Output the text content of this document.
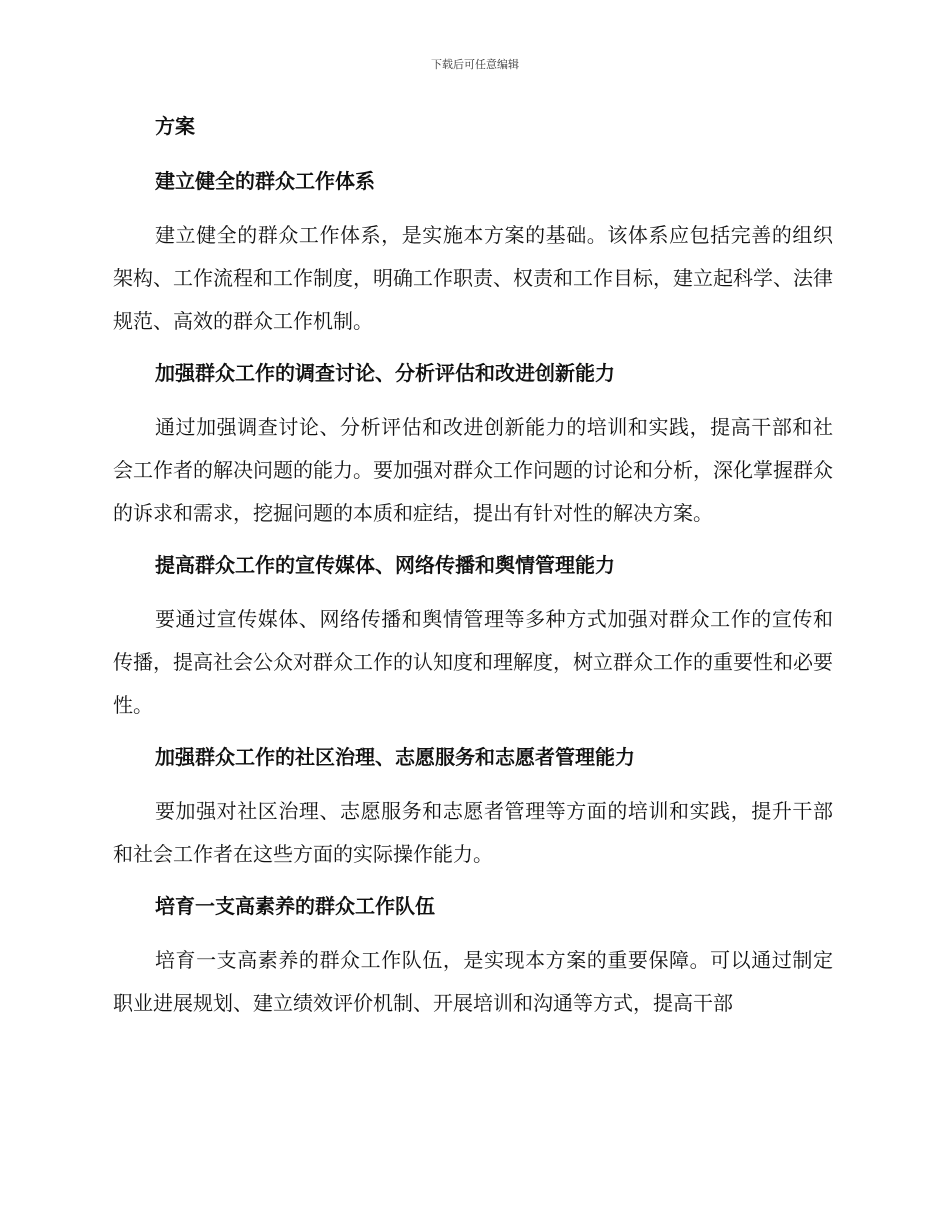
下载后可任意编辑
方案
建立健全的群众工作体系

建立健全的群众工作体系，是实施本方案的基础。该体系应包括完善的组织架构、工作流程和工作制度，明确工作职责、权责和工作目标，建立起科学、法律规范、高效的群众工作机制。

加强群众工作的调查讨论、分析评估和改进创新能力

通过加强调查讨论、分析评估和改进创新能力的培训和实践，提高干部和社会工作者的解决问题的能力。要加强对群众工作问题的讨论和分析，深化掌握群众的诉求和需求，挖掘问题的本质和症结，提出有针对性的解决方案。

提高群众工作的宣传媒体、网络传播和舆情管理能力

要通过宣传媒体、网络传播和舆情管理等多种方式加强对群众工作的宣传和传播，提高社会公众对群众工作的认知度和理解度，树立群众工作的重要性和必要性。

加强群众工作的社区治理、志愿服务和志愿者管理能力

要加强对社区治理、志愿服务和志愿者管理等方面的培训和实践，提升干部和社会工作者在这些方面的实际操作能力。

培育一支高素养的群众工作队伍

培育一支高素养的群众工作队伍，是实现本方案的重要保障。可以通过制定职业进展规划、建立绩效评价机制、开展培训和沟通等方式，提高干部
